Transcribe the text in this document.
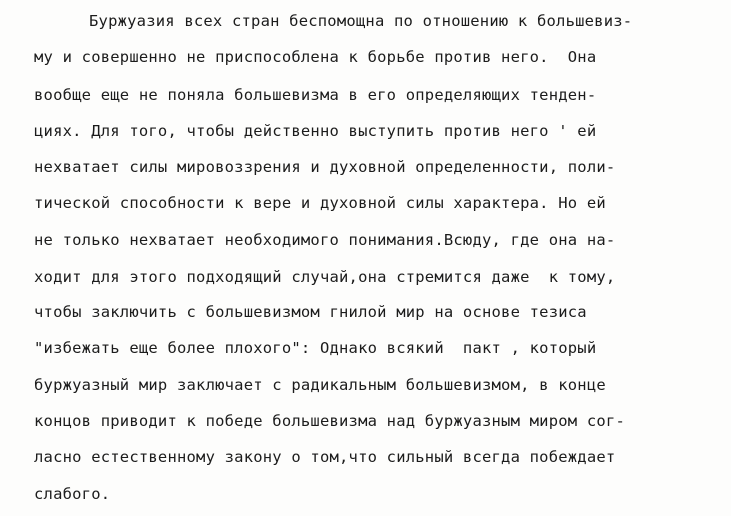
Буржуазия всех стран беспомощна по отношению к большевиз-
му и совершенно не приспособлена к борьбе против него.  Она
вообще еще не поняла большевизма в его определяющих тенден-
циях. Для того, чтобы действенно выступить против него ' ей
нехватает силы мировоззрения и духовной определенности, поли-
тической способности к вере и духовной силы характера. Но ей
не только нехватает необходимого понимания.Всюду, где она на-
ходит для этого подходящий случай,она стремится даже  к тому,
чтобы заключить с большевизмом гнилой мир на основе тезиса
"избежать еще более плохого": Однако всякий  пакт , который
буржуазный мир заключает с радикальным большевизмом, в конце
концов приводит к победе большевизма над буржуазным миром сог-
ласно естественному закону о том,что сильный всегда побеждает
слабого.
